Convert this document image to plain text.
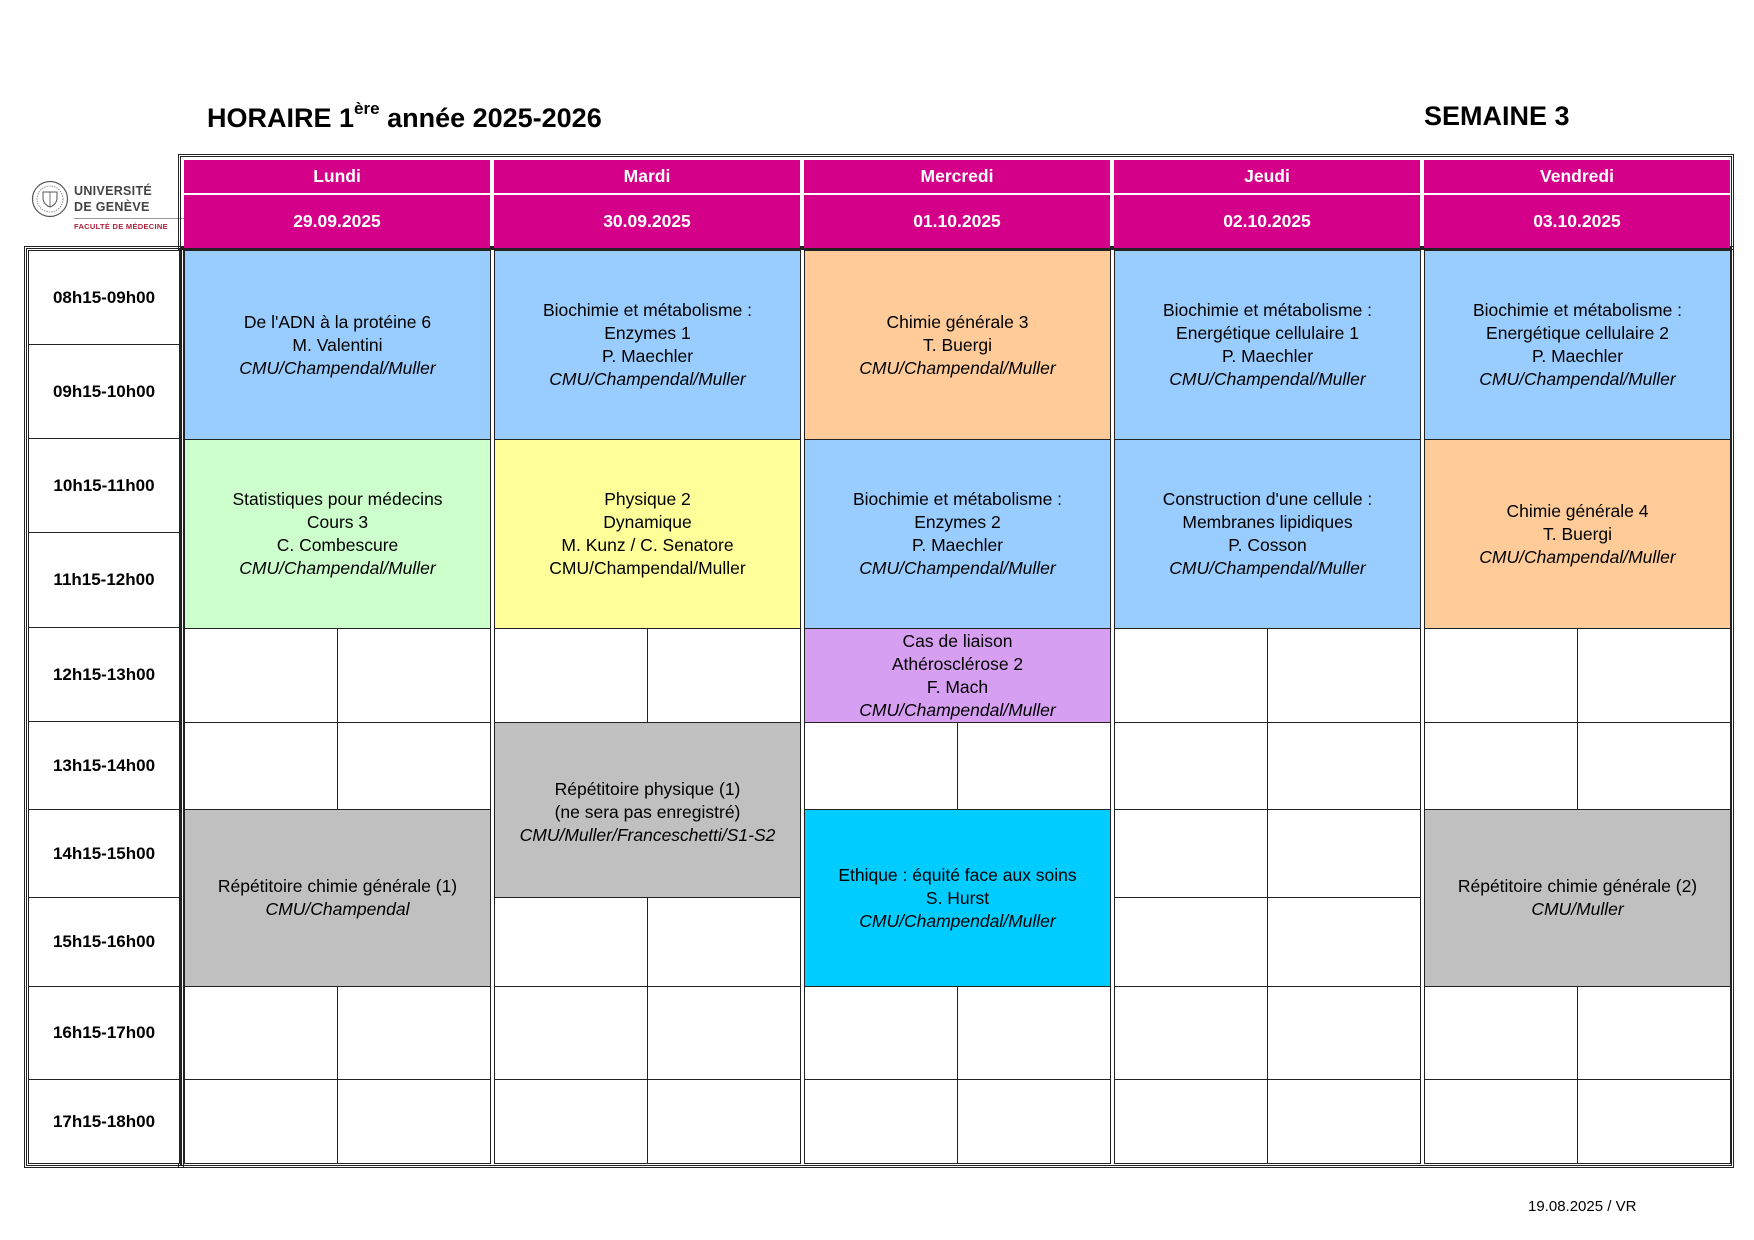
HORAIRE 1ère année 2025-2026	SEMAINE 3
UNIVERSITÉ
DE GENÈVE
FACULTÉ DE MÉDECINE
Lundi
29.09.2025
Mardi
30.09.2025
Mercredi
01.10.2025
Jeudi
02.10.2025
Vendredi
03.10.2025
08h15-09h00
09h15-10h00
10h15-11h00
11h15-12h00
12h15-13h00
13h15-14h00
14h15-15h00
15h15-16h00
16h15-17h00
17h15-18h00
De l'ADN à la protéine 6
M. Valentini
CMU/Champendal/Muller
Statistiques pour médecins
Cours 3
C. Combescure
CMU/Champendal/Muller
Répétitoire chimie générale (1)
CMU/Champendal
Biochimie et métabolisme :
Enzymes 1
P. Maechler
CMU/Champendal/Muller
Physique 2
Dynamique
M. Kunz / C. Senatore
CMU/Champendal/Muller
Répétitoire physique (1)
(ne sera pas enregistré)
CMU/Muller/Franceschetti/S1-S2
Chimie générale 3
T. Buergi
CMU/Champendal/Muller
Biochimie et métabolisme :
Enzymes 2
P. Maechler
CMU/Champendal/Muller
Cas de liaison
Athérosclérose 2
F. Mach
CMU/Champendal/Muller
Ethique : équité face aux soins
S. Hurst
CMU/Champendal/Muller
Biochimie et métabolisme :
Energétique cellulaire 1
P. Maechler
CMU/Champendal/Muller
Construction d'une cellule :
Membranes lipidiques
P. Cosson
CMU/Champendal/Muller
Biochimie et métabolisme :
Energétique cellulaire 2
P. Maechler
CMU/Champendal/Muller
Chimie générale 4
T. Buergi
CMU/Champendal/Muller
Répétitoire chimie générale (2)
CMU/Muller
19.08.2025 / VR
